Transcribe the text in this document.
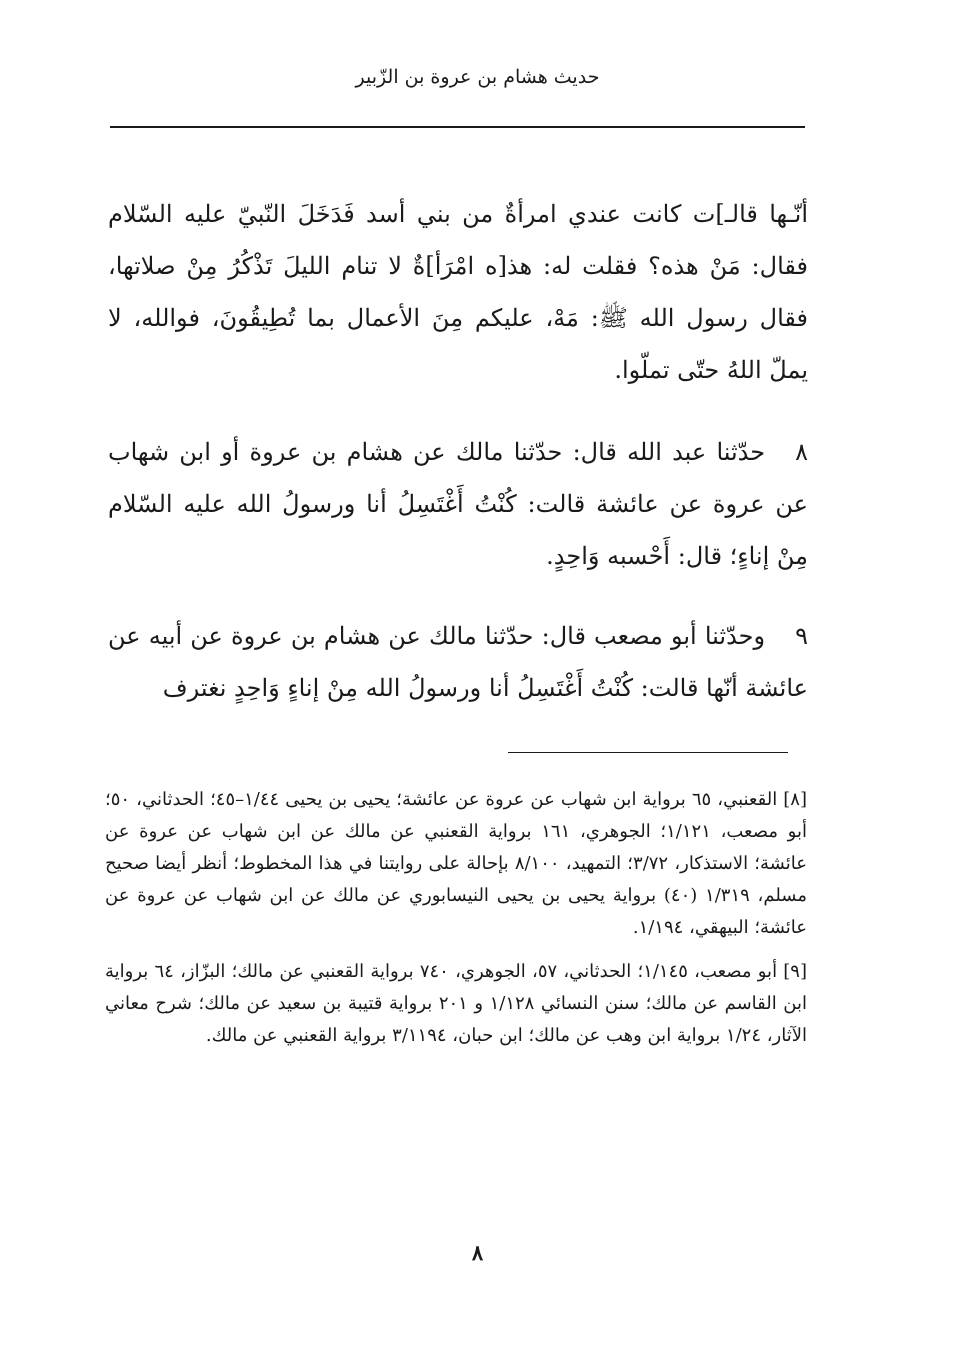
حديث هشام بن عروة بن الزّبير

أنّـها قالـ]ت كانت عندي امرأةٌ من بني أسد فَدَخَلَ النّبيّ عليه السّلام فقال: مَنْ هذه؟ فقلت له: هذ[ه امْرَأ]ةٌ لا تنام الليلَ تَذْكُرُ مِنْ صلاتها، فقال رسول الله ﷺ: مَهْ، عليكم مِنَ الأعمال بما تُطِيقُونَ، فوالله، لا يملّ اللهُ حتّى تملّوا.

٨حدّثنا عبد الله قال: حدّثنا مالك عن هشام بن عروة أو ابن شهاب عن عروة عن عائشة قالت: كُنْتُ أَغْتَسِلُ أنا ورسولُ الله عليه السّلام مِنْ إناءٍ؛ قال: أَحْسبه وَاحِدٍ.

٩وحدّثنا أبو مصعب قال: حدّثنا مالك عن هشام بن عروة عن أبيه عن عائشة أنّها قالت: كُنْتُ أَغْتَسِلُ أنا ورسولُ الله مِنْ إناءٍ وَاحِدٍ نغترف

[٨] القعنبي، ٦٥ برواية ابن شهاب عن عروة عن عائشة؛ يحيى بن يحيى ١/٤٤–٤٥؛ الحدثاني، ٥٠؛ أبو مصعب، ١/١٢١؛ الجوهري، ١٦١ برواية القعنبي عن مالك عن ابن شهاب عن عروة عن عائشة؛ الاستذكار، ٣/٧٢؛ التمهيد، ٨/١٠٠ بإحالة على روايتنا في هذا المخطوط؛ أنظر أيضا صحيح مسلم، ١/٣١٩ (٤٠) برواية يحيى بن يحيى النيسابوري عن مالك عن ابن شهاب عن عروة عن عائشة؛ البيهقي، ١/١٩٤.

[٩] أبو مصعب، ١/١٤٥؛ الحدثاني، ٥٧، الجوهري، ٧٤٠ برواية القعنبي عن مالك؛ البزّاز، ٦٤ برواية ابن القاسم عن مالك؛ سنن النسائي ١/١٢٨ و ٢٠١ برواية قتيبة بن سعيد عن مالك؛ شرح معاني الآثار، ١/٢٤ برواية ابن وهب عن مالك؛ ابن حبان، ٣/١١٩٤ برواية القعنبي عن مالك.

٨
